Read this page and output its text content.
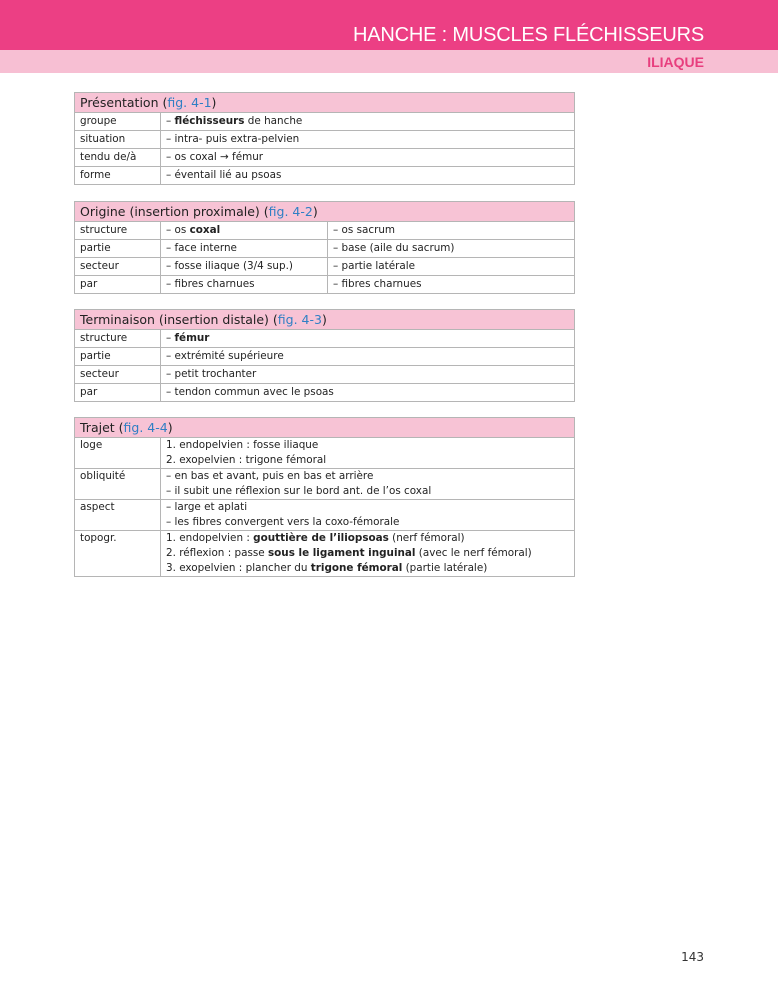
HANCHE : MUSCLES FLÉCHISSEURS
ILIAQUE
Présentation (fig. 4-1)	
groupe	– fléchisseurs de hanche
situation	– intra- puis extra-pelvien
tendu de/à	– os coxal → fémur
forme	– éventail lié au psoas
Origine (insertion proximale) (fig. 4-2)		
structure	– os coxal	– os sacrum
partie	– face interne	– base (aile du sacrum)
secteur	– fosse iliaque (3/4 sup.)	– partie latérale
par	– fibres charnues	– fibres charnues
Terminaison (insertion distale) (fig. 4-3)	
structure	– fémur
partie	– extrémité supérieure
secteur	– petit trochanter
par	– tendon commun avec le psoas
Trajet (fig. 4-4)	

loge	1. endopelvien : fosse iliaque
2. exopelvien : trigone fémoral

obliquité	– en bas et avant, puis en bas et arrière
– il subit une réflexion sur le bord ant. de l’os coxal

aspect	– large et aplati
– les fibres convergent vers la coxo-fémorale

topogr.	1. endopelvien : gouttière de l’iliopsoas (nerf fémoral)
2. réflexion : passe sous le ligament inguinal (avec le nerf fémoral)
3. exopelvien : plancher du trigone fémoral (partie latérale)
143
